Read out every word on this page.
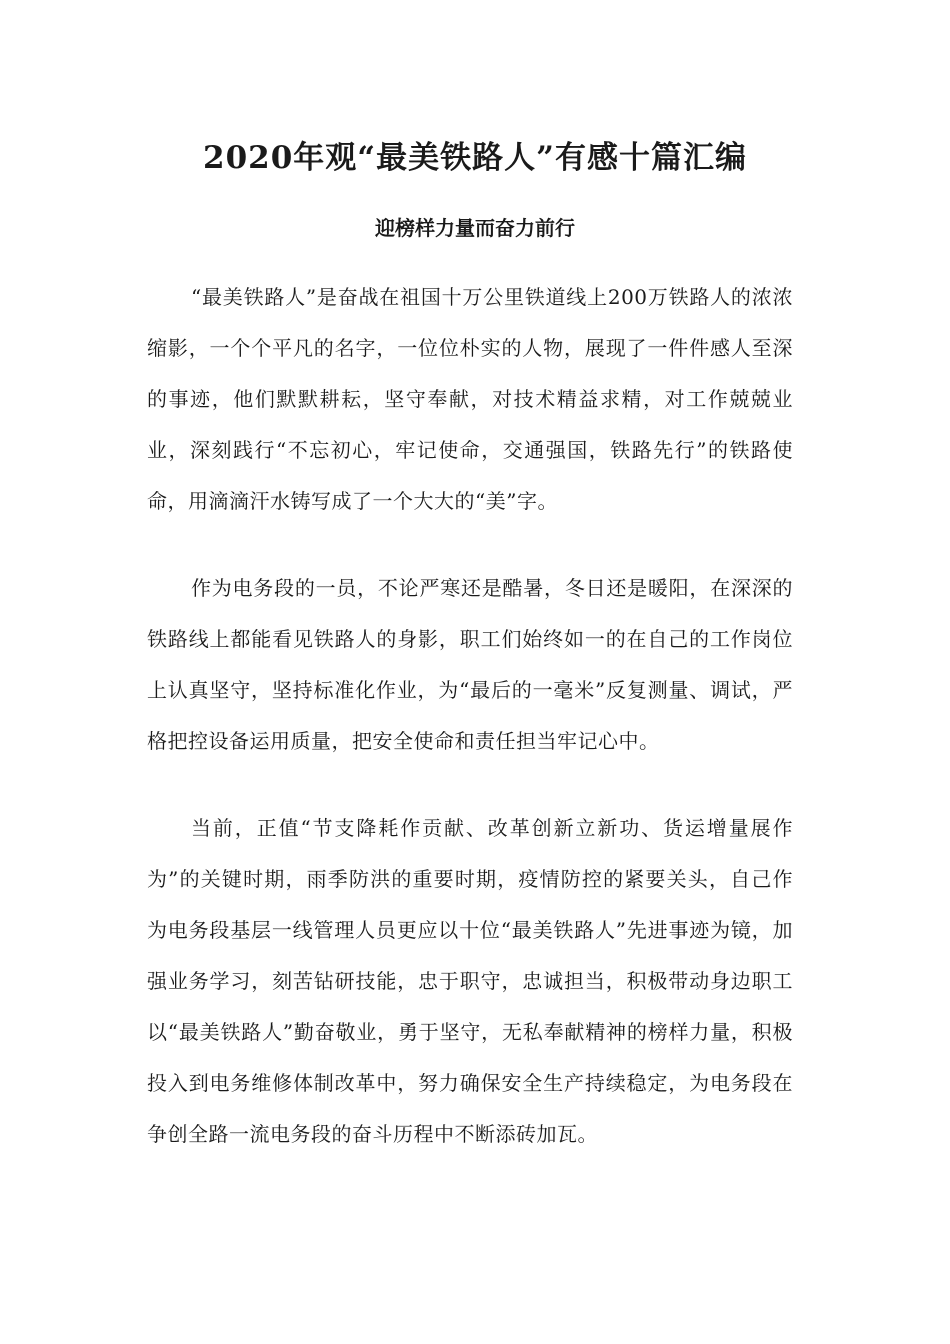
2020年观“最美铁路人”有感十篇汇编
迎榜样力量而奋力前行

“最美铁路人”是奋战在祖国十万公里铁道线上200万铁路人的浓浓缩影，一个个平凡的名字，一位位朴实的人物，展现了一件件感人至深的事迹，他们默默耕耘，坚守奉献，对技术精益求精，对工作兢兢业业，深刻践行“不忘初心，牢记使命，交通强国，铁路先行”的铁路使命，用滴滴汗水铸写成了一个大大的“美”字。

作为电务段的一员，不论严寒还是酷暑，冬日还是暖阳，在深深的铁路线上都能看见铁路人的身影，职工们始终如一的在自己的工作岗位上认真坚守，坚持标准化作业，为“最后的一毫米”反复测量、调试，严格把控设备运用质量，把安全使命和责任担当牢记心中。

当前，正值“节支降耗作贡献、改革创新立新功、货运增量展作为”的关键时期，雨季防洪的重要时期，疫情防控的紧要关头，自己作为电务段基层一线管理人员更应以十位“最美铁路人”先进事迹为镜，加强业务学习，刻苦钻研技能，忠于职守，忠诚担当，积极带动身边职工以“最美铁路人”勤奋敬业，勇于坚守，无私奉献精神的榜样力量，积极投入到电务维修体制改革中，努力确保安全生产持续稳定，为电务段在争创全路一流电务段的奋斗历程中不断添砖加瓦。
